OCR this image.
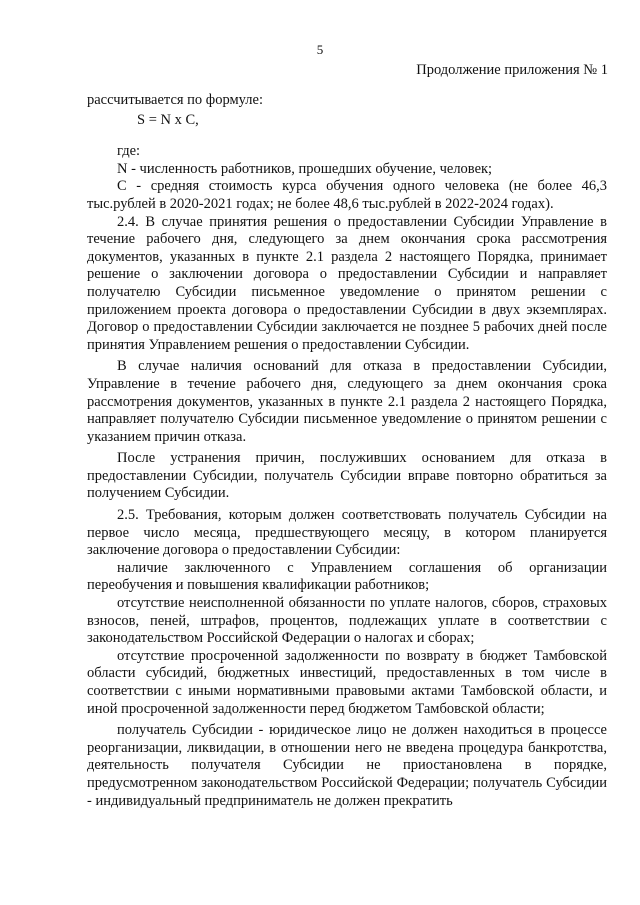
5
Продолжение приложения № 1

рассчитывается по формуле:

S = N x C,

где:

N - численность работников, прошедших обучение, человек;

С - средняя стоимость курса обучения одного человека (не более 46,3 тыс.рублей в 2020-2021 годах; не более 48,6 тыс.рублей в 2022-2024 годах).

2.4. В случае принятия решения о предоставлении Субсидии Управление в течение рабочего дня, следующего за днем окончания срока рассмотрения документов, указанных в пункте 2.1 раздела 2 настоящего Порядка, принимает решение о заключении договора о предоставлении Субсидии и направляет получателю Субсидии письменное уведомление о принятом решении с приложением проекта договора о предоставлении Субсидии в двух экземплярах. Договор о предоставлении Субсидии заключается не позднее 5 рабочих дней после принятия Управлением решения о предоставлении Субсидии.

В случае наличия оснований для отказа в предоставлении Субсидии, Управление в течение рабочего дня, следующего за днем окончания срока рассмотрения документов, указанных в пункте 2.1 раздела 2 настоящего Порядка, направляет получателю Субсидии письменное уведомление о принятом решении с указанием причин отказа.

После устранения причин, послуживших основанием для отказа в предоставлении Субсидии, получатель Субсидии вправе повторно обратиться за получением Субсидии.

2.5. Требования, которым должен соответствовать получатель Субсидии на первое число месяца, предшествующего месяцу, в котором планируется заключение договора о предоставлении Субсидии:

наличие заключенного с Управлением соглашения об организации переобучения и повышения квалификации работников;

отсутствие неисполненной обязанности по уплате налогов, сборов, страховых взносов, пеней, штрафов, процентов, подлежащих уплате в соответствии с законодательством Российской Федерации о налогах и сборах;

отсутствие просроченной задолженности по возврату в бюджет Тамбовской области субсидий, бюджетных инвестиций, предоставленных в том числе в соответствии с иными нормативными правовыми актами Тамбовской области, и иной просроченной задолженности перед бюджетом Тамбовской области;

получатель Субсидии - юридическое лицо не должен находиться в процессе реорганизации, ликвидации, в отношении него не введена процедура банкротства, деятельность получателя Субсидии не приостановлена в порядке, предусмотренном законодательством Российской Федерации; получатель Субсидии - индивидуальный предприниматель не должен прекратить
